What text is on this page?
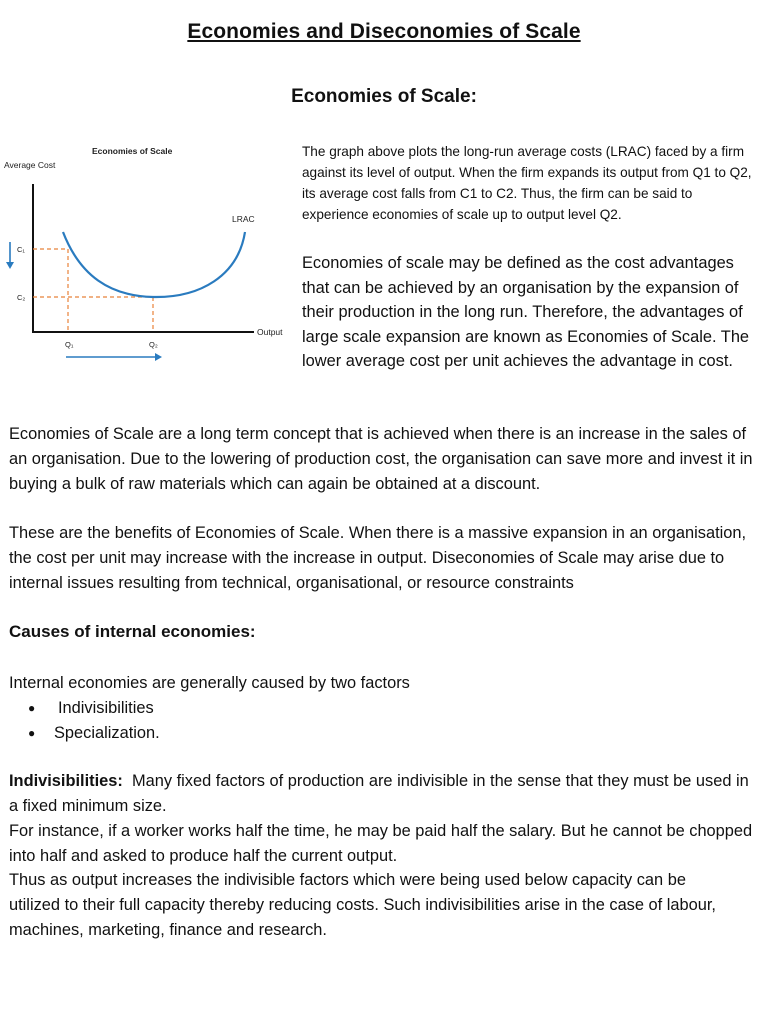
Economies and Diseconomies of Scale
Economies of Scale:
Economies of Scale
Average Cost
Output
LRAC
C₁
C₂
Q₁	Q₂

The graph above plots the long-run average costs (LRAC) faced by a firm against its level of output. When the firm expands its output from Q1 to Q2, its average cost falls from C1 to C2. Thus, the firm can be said to experience economies of scale up to output level Q2.

Economies of scale may be defined as the cost advantages that can be achieved by an organisation by the expansion of their production in the long run. Therefore, the advantages of large scale expansion are known as Economies of Scale. The lower average cost per unit achieves the advantage in cost.

Economies of Scale are a long term concept that is achieved when there is an increase in the sales of an organisation. Due to the lowering of production cost, the organisation can save more and invest it in buying a bulk of raw materials which can again be obtained at a discount.

These are the benefits of Economies of Scale. When there is a massive expansion in an organisation, the cost per unit may increase with the increase in output. Diseconomies of Scale may arise due to internal issues resulting from technical, organisational, or resource constraints

Causes of internal economies:

Internal economies are generally caused by two factors

● Indivisibilities
● Specialization.

Indivisibilities: Many fixed factors of production are indivisible in the sense that they must be used in a fixed minimum size.

For instance, if a worker works half the time, he may be paid half the salary. But he cannot be chopped into half and asked to produce half the current output.

Thus as output increases the indivisible factors which were being used below capacity can be utilized to their full capacity thereby reducing costs. Such indivisibilities arise in the case of labour, machines, marketing, finance and research.
